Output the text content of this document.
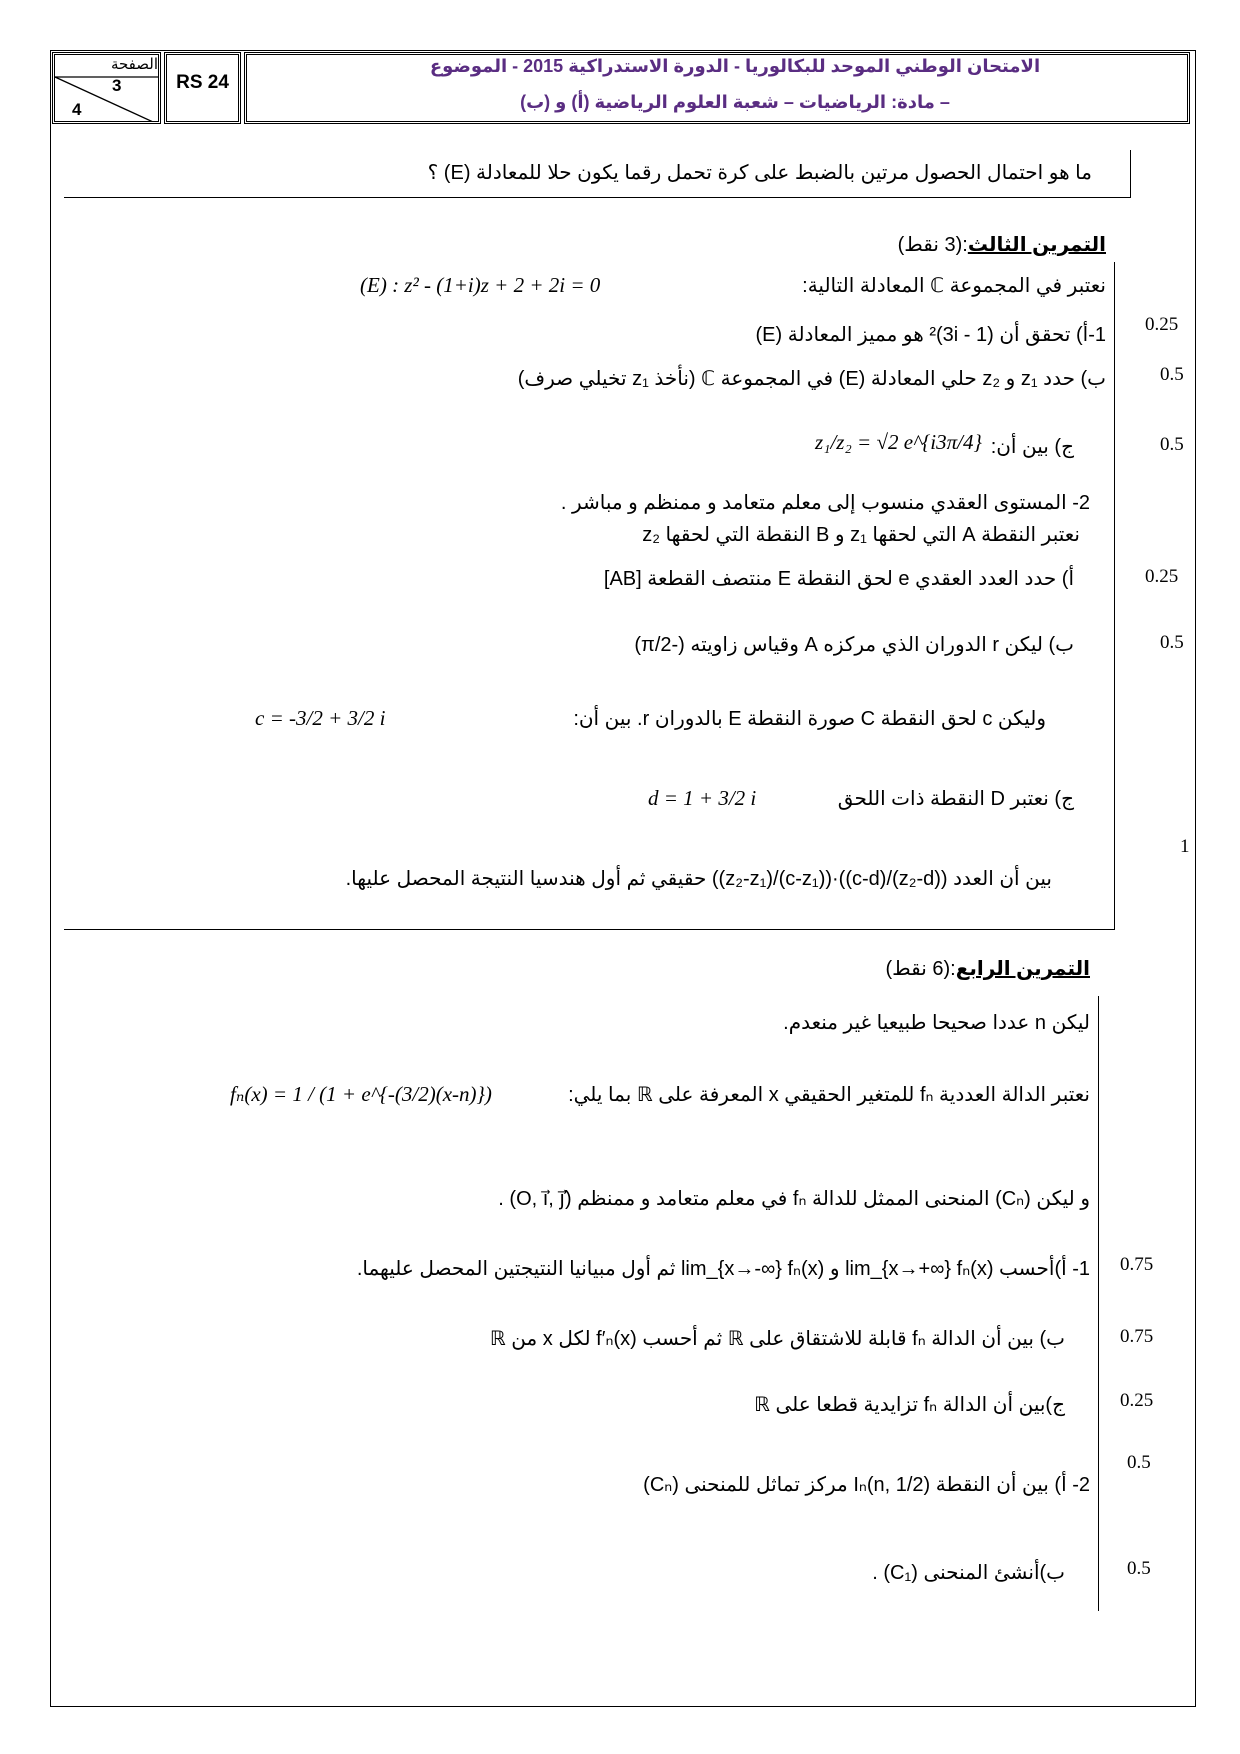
الامتحان الوطني الموحد للبكالوريا - الدورة الاستدراكية 2015 - الموضوع
– مادة: الرياضيات – شعبة العلوم الرياضية (أ) و (ب)
RS 24
الصفحة
3
4
ما هو احتمال الحصول مرتين بالضبط على كرة تحمل رقما يكون حلا للمعادلة (E) ؟
التمرين الثالث:(3 نقط)
(E) : z² - (1+i)z + 2 + 2i = 0	نعتبر في المجموعة ℂ المعادلة التالية:
1-أ) تحقق أن (1 - 3i)² هو مميز المعادلة (E) 0.25
ب) حدد z₁ و z₂ حلي المعادلة (E) في المجموعة ℂ (نأخذ z₁ تخيلي صرف)	0.5
ج) بين أن:
z₁/z₂ = √2 e^{i3π/4}	0.5
2- المستوى العقدي منسوب إلى معلم متعامد و ممنظم و مباشر .
نعتبر النقطة A التي لحقها z₁ و B النقطة التي لحقها z₂
أ) حدد العدد العقدي e لحق النقطة E منتصف القطعة [AB]	0.25
ب) ليكن r الدوران الذي مركزه A وقياس زاويته (-π/2)	0.5
وليكن c لحق النقطة C صورة النقطة E بالدوران r. بين أن:
c = -3/2 + 3/2 i
ج) نعتبر D النقطة ذات اللحق
d = 1 + 3/2 i
بين أن العدد ((z₂-d)/(c-d))·((c-z₁)/(z₂-z₁)) حقيقي ثم أول هندسيا النتيجة المحصل عليها.
1
التمرين الرابع:(6 نقط)
ليكن n عددا صحيحا طبيعيا غير منعدم.
نعتبر الدالة العددية fₙ للمتغير الحقيقي x المعرفة على ℝ بما يلي:
fₙ(x) = 1 / (1 + e^{-(3/2)(x-n)})
و ليكن (Cₙ) المنحنى الممثل للدالة fₙ في معلم متعامد و ممنظم (O, i⃗, j⃗) .
1- أ)أحسب lim_{x→+∞} fₙ(x) و lim_{x→-∞} fₙ(x) ثم أول مبيانيا النتيجتين المحصل عليهما. 0.75
ب) بين أن الدالة fₙ قابلة للاشتقاق على ℝ ثم أحسب f′ₙ(x) لكل x من ℝ	0.75
ج)بين أن الدالة fₙ تزايدية قطعا على ℝ	0.25
2- أ) بين أن النقطة Iₙ(n, 1/2) مركز تماثل للمنحنى (Cₙ)
0.5
ب)أنشئ المنحنى (C₁) .	0.5
